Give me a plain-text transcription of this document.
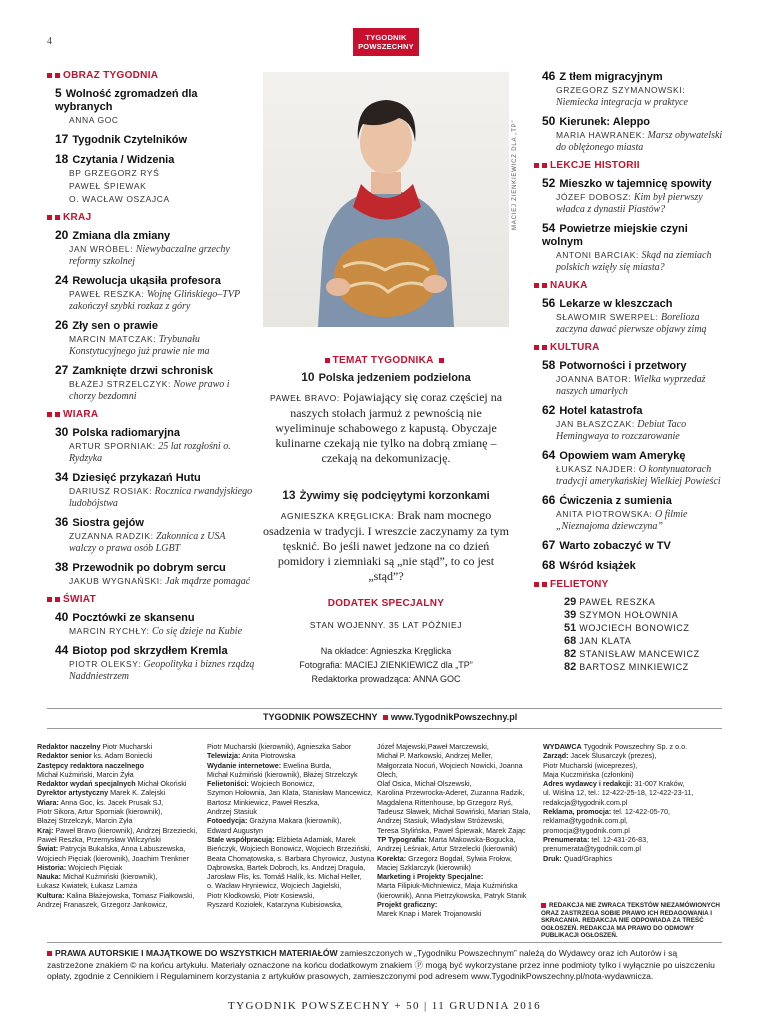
4	TYGODNIK
POWSZECHNY
OBRAZ TYGODNIA
5 Wolność zgromadzeń dla wybranych
ANNA GOC
17 Tygodnik Czytelników
18 Czytania / Widzenia
BP GRZEGORZ RYŚ
PAWEŁ ŚPIEWAK
O. WACŁAW OSZAJCA
KRAJ
20 Zmiana dla zmiany
JAN WRÓBEL: Niewybaczalne grzechy reformy szkolnej
24 Rewolucja ukąsiła profesora
PAWEŁ RESZKA: Wojnę Glińskiego–TVP zakończył szybki rozkaz z góry
26 Zły sen o prawie
MARCIN MATCZAK: Trybunału Konstytucyjnego już prawie nie ma
27 Zamknięte drzwi schronisk
BŁAŻEJ STRZELCZYK: Nowe prawo i chorzy bezdomni
WIARA
30 Polska radiomaryjna
ARTUR SPORNIAK: 25 lat rozgłośni o. Rydzyka
34 Dziesięć przykazań Hutu
DARIUSZ ROSIAK: Rocznica rwandyjskiego ludobójstwa
36 Siostra gejów
ZUZANNA RADZIK: Zakonnica z USA walczy o prawa osób LGBT
38 Przewodnik po dobrym sercu
JAKUB WYGNAŃSKI: Jak mądrze pomagać
ŚWIAT
40 Pocztówki ze skansenu
MARCIN RYCHŁY: Co się dzieje na Kubie
44 Biotop pod skrzydłem Kremla
PIOTR OLEKSY: Geopolityka i biznes rządzą Naddniestrzem
46 Z tłem migracyjnym
GRZEGORZ SZYMANOWSKI: Niemiecka integracja w praktyce
50 Kierunek: Aleppo
MARIA HAWRANEK: Marsz obywatelski do oblężonego miasta
LEKCJE HISTORII
52 Mieszko w tajemnicę spowity
JÓZEF DOBOSZ: Kim był pierwszy władca z dynastii Piastów?
54 Powietrze miejskie czyni wolnym
ANTONI BARCIAK: Skąd na ziemiach polskich wzięły się miasta?
NAUKA
56 Lekarze w kleszczach
SŁAWOMIR SWERPEL: Borelioza zaczyna dawać pierwsze objawy zimą
KULTURA
58 Potworności i przetwory
JOANNA BATOR: Wielka wyprzedaż naszych umarłych
62 Hotel katastrofa
JAN BŁASZCZAK: Debiut Taco Hemingwaya to rozczarowanie
64 Opowiem wam Amerykę
ŁUKASZ NAJDER: O kontynuatorach tradycji amerykańskiej Wielkiej Powieści
66 Ćwiczenia z sumienia
ANITA PIOTROWSKA: O filmie „Nieznajoma dziewczyna”
67 Warto zobaczyć w TV
68 Wśród książek
FELIETONY
29 PAWEŁ RESZKA
39 SZYMON HOŁOWNIA
51 WOJCIECH BONOWICZ
68 JAN KLATA
82 STANISŁAW MANCEWICZ
82 BARTOSZ MINKIEWICZ
MACIEJ ZIENKIEWICZ DLA „TP”
TEMAT TYGODNIKA
10 Polska jedzeniem podzielona
PAWEŁ BRAVO: Pojawiający się coraz częściej na naszych stołach jarmuż z pewnością nie wyeliminuje schabowego z kapustą. Obyczaje kulinarne czekają nie tylko na dobrą zmianę – czekają na dekomunizację.
13 Żywimy się podcięytymi korzonkami
AGNIESZKA KRĘGLICKA: Brak nam mocnego osadzenia w tradycji. I wreszcie zaczynamy za tym tęsknić. Bo jeśli nawet jedzone na co dzień pomidory i ziemniaki są „nie stąd”, to co jest „stąd”?
DODATEK SPECJALNY
STAN WOJENNY. 35 LAT PÓŹNIEJ
Na okładce: Agnieszka Kręglicka
Fotografia: MACIEJ ZIENKIEWICZ dla „TP”
Redaktorka prowadząca: ANNA GOC
TYGODNIK POWSZECHNY www.TygodnikPowszechny.pl
Redaktor naczelny Piotr Mucharski
Redaktor senior ks. Adam Boniecki
Zastępcy redaktora naczelnego
Michał Kuźmiński, Marcin Żyła
Redaktor wydań specjalnych Michał Okoński
Dyrektor artystyczny Marek K. Zalejski
Wiara: Anna Goc, ks. Jacek Prusak SJ,
Piotr Sikora, Artur Sporniak (kierownik),
Błażej Strzelczyk, Marcin Żyła
Kraj: Paweł Bravo (kierownik), Andrzej Brzeziecki,
Paweł Reszka, Przemysław Wilczyński
Świat: Patrycja Bukalska, Anna Łabuszewska,
Wojciech Pięciak (kierownik), Joachim Trenkner
Historia: Wojciech Pięciak
Nauka: Michał Kuźmiński (kierownik),
Łukasz Kwiatek, Łukasz Lamża
Kultura: Kalina Błażejowska, Tomasz Fiałkowski,
Andrzej Franaszek, Grzegorz Jankowicz,
Piotr Mucharski (kierownik), Agnieszka Sabor
Telewizja: Anita Piotrowska
Wydanie internetowe: Ewelina Burda,
Michał Kuźmiński (kierownik), Błażej Strzelczyk
Felietoniści: Wojciech Bonowicz,
Szymon Hołownia, Jan Klata, Stanisław Mancewicz,
Bartosz Minkiewicz, Paweł Reszka,
Andrzej Stasiuk
Fotoedycja: Grażyna Makara (kierownik),
Edward Augustyn
Stale współpracują: Elżbieta Adamiak, Marek
Bieńczyk, Wojciech Bonowicz, Wojciech Brzeziński,
Beata Chomątowska, s. Barbara Chyrowicz, Justyna
Dąbrowska, Bartek Dobroch, ks. Andrzej Draguła,
Jarosław Flis, ks. Tomáš Halík, ks. Michał Heller,
o. Wacław Hryniewicz, Wojciech Jagielski,
Piotr Kłodkowski, Piotr Kosiewski,
Ryszard Koziołek, Katarzyna Kubisiowska,
Józef Majewski,Paweł Marczewski,
Michał P. Markowski, Andrzej Meller,
Małgorzata Nocuń, Wojciech Nowicki, Joanna Olech,
Olaf Osica, Michał Olszewski,
Karolina Przewrocka-Aderet, Zuzanna Radzik,
Magdalena Rittenhouse, bp Grzegorz Ryś,
Tadeusz Sławek, Michał Sowiński, Marian Stala,
Andrzej Stasiuk, Władysław Stróżewski,
Teresa Stylińska, Paweł Śpiewak, Marek Zając
TP Typografia: Marta Makowska-Bogucka,
Andrzej Leśniak, Artur Strzelecki (kierownik)
Korekta: Grzegorz Bogdał, Sylwia Frołow,
Maciej Szklarczyk (kierownik)
Marketing i Projekty Specjalne:
Marta Filipiuk-Michniewicz, Maja Kuźmińska
(kierownik), Anna Pietrzykowska, Patryk Stanik
Projekt graficzny:
Marek Knap i Marek Trojanowski
WYDAWCA Tygodnik Powszechny Sp. z o.o.
Zarząd: Jacek Ślusarczyk (prezes),
Piotr Mucharski (wiceprezes),
Maja Kuczmińska (członkini)
Adres wydawcy i redakcji: 31-007 Kraków,
ul. Wiślna 12, tel.: 12-422-25-18, 12-422-23-11,
redakcja@tygodnik.com.pl
Reklama, promocja: tel. 12-422-05-70,
reklama@tygodnik.com.pl,
promocja@tygodnik.com.pl
Prenumerata: tel. 12-431-26-83,
prenumerata@tygodnik.com.pl
Druk: Quad/Graphics
REDAKCJA NIE ZWRACA TEKSTÓW NIEZAMÓWIONYCH ORAZ ZASTRZEGA SOBIE PRAWO ICH REDAGOWANIA I SKRACANIA. REDAKCJA NIE ODPOWIADA ZA TREŚĆ OGŁOSZEŃ. REDAKCJA MA PRAWO DO ODMOWY PUBLIKACJI OGŁOSZEŃ.
PRAWA AUTORSKIE I MAJĄTKOWE DO WSZYSTKICH MATERIAŁÓW zamieszczonych w „Tygodniku Powszechnym” należą do Wydawcy oraz ich Autorów i są zastrzeżone znakiem © na końcu artykułu. Materiały oznaczone na końcu dodatkowym znakiem Ⓟ mogą być wykorzystane przez inne podmioty tylko i wyłącznie po uiszczeniu opłaty, zgodnie z Cennikiem i Regulaminem korzystania z artykułów prasowych, zamieszczonymi pod adresem www.TygodnikPowszechny.pl/nota-wydawnicza.
TYGODNIK POWSZECHNY + 50 | 11 GRUDNIA 2016
